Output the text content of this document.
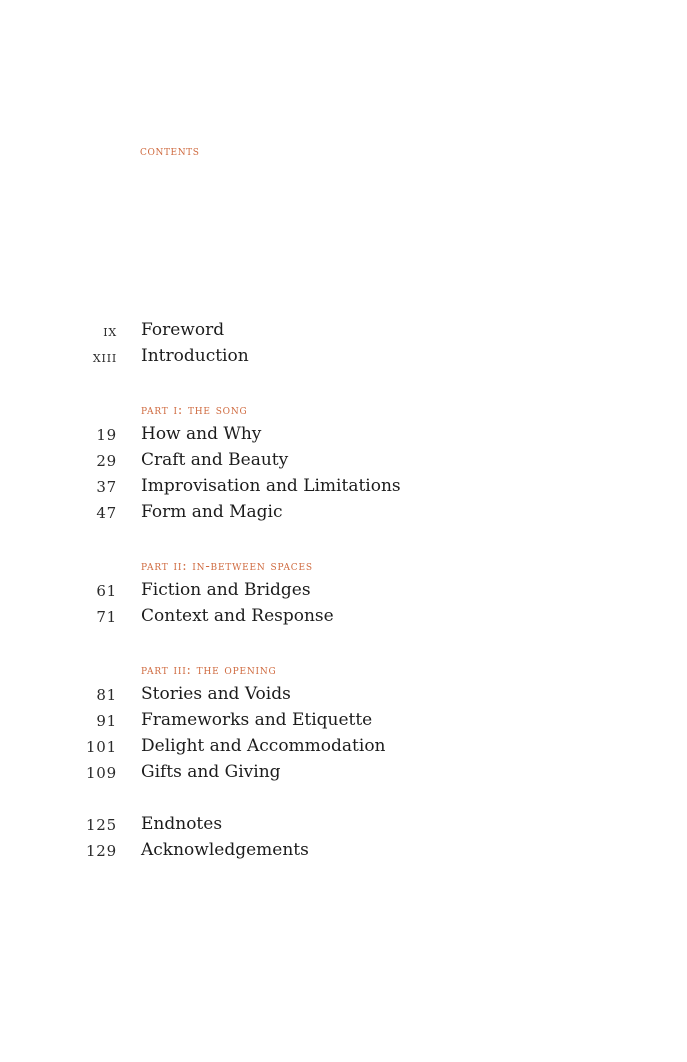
contents
ix Foreword
xiii Introduction
part i: the song
19 How and Why
29 Craft and Beauty
37 Improvisation and Limitations
47 Form and Magic
part ii: in-between spaces
61 Fiction and Bridges
71 Context and Response
part iii: the opening
81 Stories and Voids
91 Frameworks and Etiquette
101 Delight and Accommodation
109 Gifts and Giving
125 Endnotes
129 Acknowledgements
